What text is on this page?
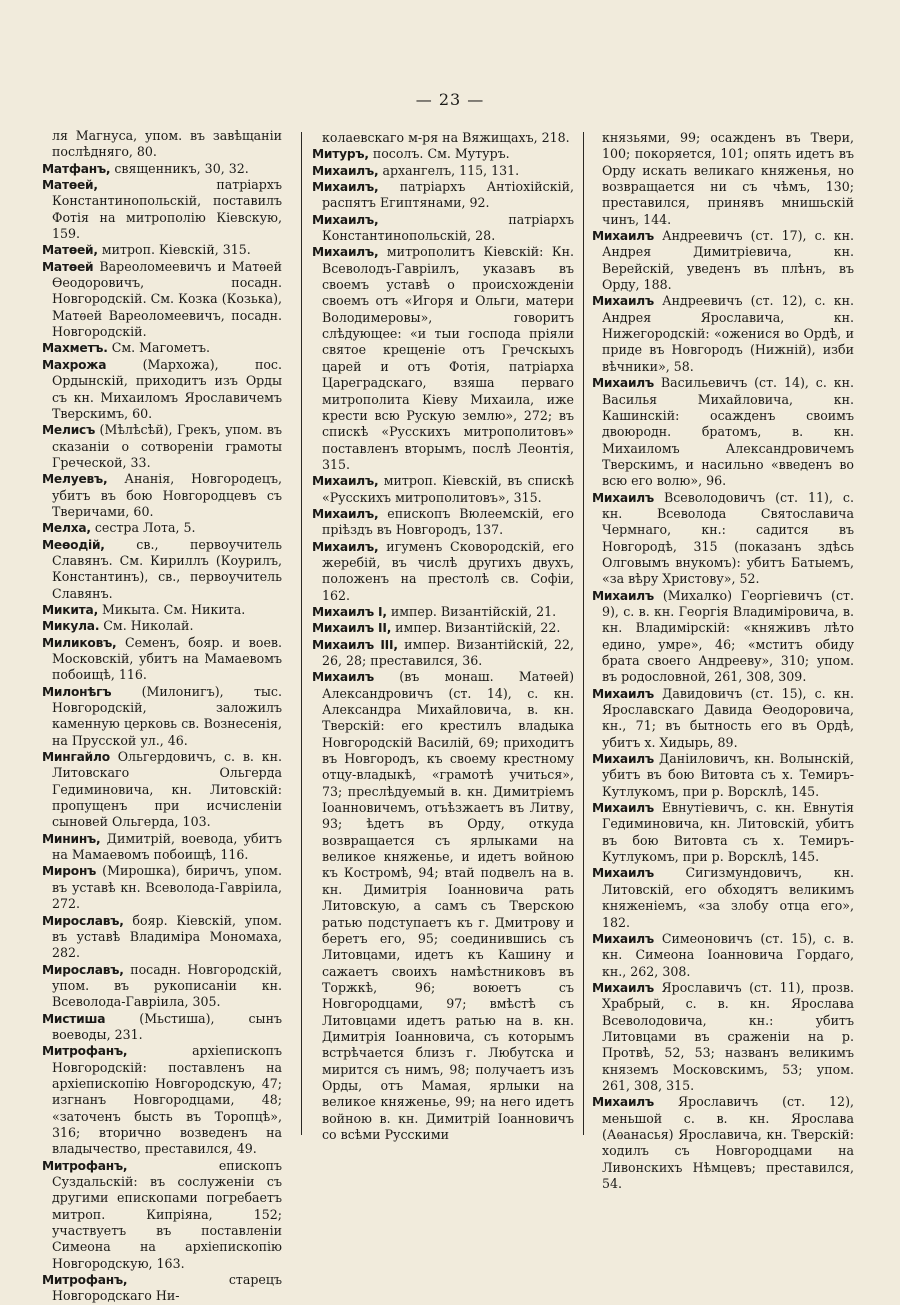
— 23 —

ля Магнуса, упом. въ завѣщаніи послѣдняго, 80.

Матфанъ, священникъ, 30, 32.

Матѳей,	патріархъ Константинопольскій, поставилъ Фотія на митрополію Кіевскую, 159.

Матѳей, митроп. Кіевскій, 315.

Матѳей Вареоломеевичъ и Матѳей Ѳеодоровичъ, посадн. Новгородскій. См. Козка (Козька), Матѳей Вареоломеевичъ, посадн. Новгородскій.

Махметъ. См. Магометъ.

Махрожа	(Мархожа), пос. Ордынскій, приходитъ изъ Орды съ кн. Михаиломъ Ярославичемъ Тверскимъ, 60.

Мелисъ (Мѣлѣсѣй), Грекъ, упом. въ сказаніи о сотвореніи грамоты Греческой, 33.

Мелуевъ, Ананія, Новгородецъ, убитъ въ бою Новгородцевъ съ Тверичами, 60.

Мелха, сестра Лота, 5.

Меѳодій,	св., первоучитель Славянъ. См. Кириллъ (Коурилъ, Константинъ), св., первоучитель Славянъ.

Микита, Микыта. См. Никита.

Микула. См. Николай.

Миликовъ, Семенъ, бояр. и воев. Московскій, убитъ на Мамаевомъ побоищѣ, 116.

Милонѣгъ (Милонигъ), тыс. Новгородскій, заложилъ каменную церковь св. Вознесенія, на Прусской ул., 46.

Мингайло Ольгердовичъ, с. в. кн. Литовскаго Ольгерда Гедиминовича, кн. Литовскій: пропущенъ при исчисленіи сыновей Ольгерда, 103.

Мининъ, Димитрій, воевода, убитъ на Мамаевомъ побоищѣ, 116.

Миронъ (Мирошка), биричъ, упом. въ уставѣ кн. Всеволода-Гавріила, 272.

Мирославъ, бояр. Кіевскій, упом. въ уставѣ Владиміра Мономаха, 282.

Мирославъ, посадн. Новгородскій, упом. въ рукописаніи кн. Всеволода-Гавріила, 305.

Мистиша	(Мьстиша), сынъ воеводы, 231.

Митрофанъ,	архіепископъ Новгородскій: поставленъ на архіепископію Новгородскую, 47; изгнанъ Новгородцами, 48; «заточенъ бысть въ Торопцѣ», 316; вторично возведенъ на владычество, преставился, 49.

Митрофанъ,	епископъ Суздальскій: въ сослуженіи съ другими епископами погребаетъ митроп. Кипріяна, 152; участвуетъ въ поставленіи Симеона на архіепископію Новгородскую, 163.

Митрофанъ,	старецъ Новгородскаго Ни-

колаевскаго м-ря на Вяжищахъ, 218.

Митуръ, посолъ. См. Мутуръ.

Михаилъ, архангелъ, 115, 131.

Михаилъ, патріархъ Антіохійскій, распятъ Египтянами, 92.

Михаилъ,	патріархъ Константинопольскій, 28.

Михаилъ, митрополитъ Кіевскій: Кн. Всеволодъ-Гавріилъ, указавъ въ своемъ уставѣ о происхожденіи своемъ отъ «Игоря и Ольги, матери Володимеровы», говоритъ слѣдующее: «и тыи господа пріяли святое крещеніе отъ Гречскыхъ царей и отъ Фотія, патріарха Цареградскаго, взяша перваго митрополита Кіеву Михаила, иже крести всю Рускую землю», 272; въ спискѣ «Русскихъ митрополитовъ» поставленъ вторымъ, послѣ Леонтія, 315.

Михаилъ, митроп. Кіевскій, въ спискѣ «Русскихъ митрополитовъ», 315.

Михаилъ, епископъ Вюлеемскій, его пріѣздъ въ Новгородъ, 137.

Михаилъ, игуменъ Сковородскій, его жеребій, въ числѣ другихъ двухъ, положенъ на престолѣ св. Софіи, 162.

Михаилъ I, импер. Византійскій, 21.

Михаилъ II, импер. Византійскій, 22.

Михаилъ III, импер. Византійскій, 22, 26, 28; преставился, 36.

Михаилъ (въ монаш. Матѳей) Александровичъ (ст. 14), с. кн. Александра Михайловича, в. кн. Тверскій: его крестилъ владыка Новгородскій Василій, 69; приходитъ въ Новгородъ, къ своему крестному отцу-владыкѣ, «грамотѣ учиться», 73; преслѣдуемый в. кн. Димитріемъ Іоанновичемъ, отъѣзжаетъ въ Литву, 93; ѣдетъ въ Орду, откуда возвращается съ ярлыками на великое княженье, и идетъ войною къ Костромѣ, 94; втай подвелъ на в. кн. Димитрія Іоанновича рать Литовскую, а самъ съ Тверскою ратью подступаетъ къ г. Дмитрову и беретъ его, 95; соединившись съ Литовцами, идетъ къ Кашину и сажаетъ своихъ намѣстниковъ въ Торжкѣ, 96; воюетъ съ Новгородцами, 97; вмѣстѣ съ Литовцами идетъ ратью на в. кн. Димитрія Іоанновича, съ которымъ встрѣчается близъ г. Любутска и мирится съ нимъ, 98; получаетъ изъ Орды, отъ Мамая, ярлыки на великое княженье, 99; на него идетъ войною в. кн. Димитрій Іоанновичъ со всѣми Русскими

князьями, 99; осажденъ въ Твери, 100; покоряется, 101; опять идетъ въ Орду искать великаго княженья, но возвращается ни съ чѣмъ, 130; преставился, принявъ мнишьскій чинъ, 144.

Михаилъ Андреевичъ (ст. 17), с. кн. Андрея Димитріевича, кн. Верейскій, уведенъ въ плѣнъ, въ Орду, 188.

Михаилъ Андреевичъ (ст. 12), с. кн. Андрея Ярославича, кн. Нижегородскій: «оженися во Ордѣ, и приде въ Новгородъ (Нижній), изби вѣчники», 58.

Михаилъ Васильевичъ (ст. 14), с. кн. Василья Михайловича, кн. Кашинскій: осажденъ своимъ двоюродн. братомъ, в. кн. Михаиломъ Александровичемъ Тверскимъ, и насильно «введенъ во всю его волю», 96.

Михаилъ Всеволодовичъ (ст. 11), с. кн. Всеволода Святославича Чермнаго, кн.: садится въ Новгородѣ, 315 (показанъ здѣсь Олговымъ внукомъ): убитъ Батыемъ, «за вѣру Христову», 52.

Михаилъ (Михалко) Георгіевичъ (ст. 9), с. в. кн. Георгія Владиміровича, в. кн. Владимірскій: «княживъ лѣто едино, умре», 46; «мститъ обиду брата своего Андрееву», 310; упом. въ родословной, 261, 308, 309.

Михаилъ Давидовичъ (ст. 15), с. кн. Ярославскаго Давида Ѳеодоровича, кн., 71; въ бытность его въ Ордѣ, убитъ х. Хидырь, 89.

Михаилъ Даніиловичъ, кн. Волынскій, убитъ въ бою Витовта съ х. Темиръ-Кутлукомъ, при р. Ворсклѣ, 145.

Михаилъ Евнутіевичъ, с. кн. Евнутія Гедиминовича, кн. Литовскій, убитъ въ бою Витовта съ х. Темиръ-Кутлукомъ, при р. Ворсклѣ, 145.

Михаилъ	Сигизмундовичъ, кн. Литовскій, его обходятъ великимъ княженіемъ, «за злобу отца его», 182.

Михаилъ Симеоновичъ (ст. 15), с. в. кн. Симеона Іоанновича Гордаго, кн., 262, 308.

Михаилъ Ярославичъ (ст. 11), прозв. Храбрый, с. в. кн. Ярослава Всеволодовича, кн.: убитъ Литовцами въ сраженіи на р. Протвѣ, 52, 53; названъ великимъ княземъ Московскимъ, 53; упом. 261, 308, 315.

Михаилъ Ярославичъ (ст. 12), меньшой с. в. кн. Ярослава (Аѳанасья) Ярославича, кн. Тверскій: ходилъ съ Новгородцами на Ливонскихъ Нѣмцевъ; преставился, 54.
